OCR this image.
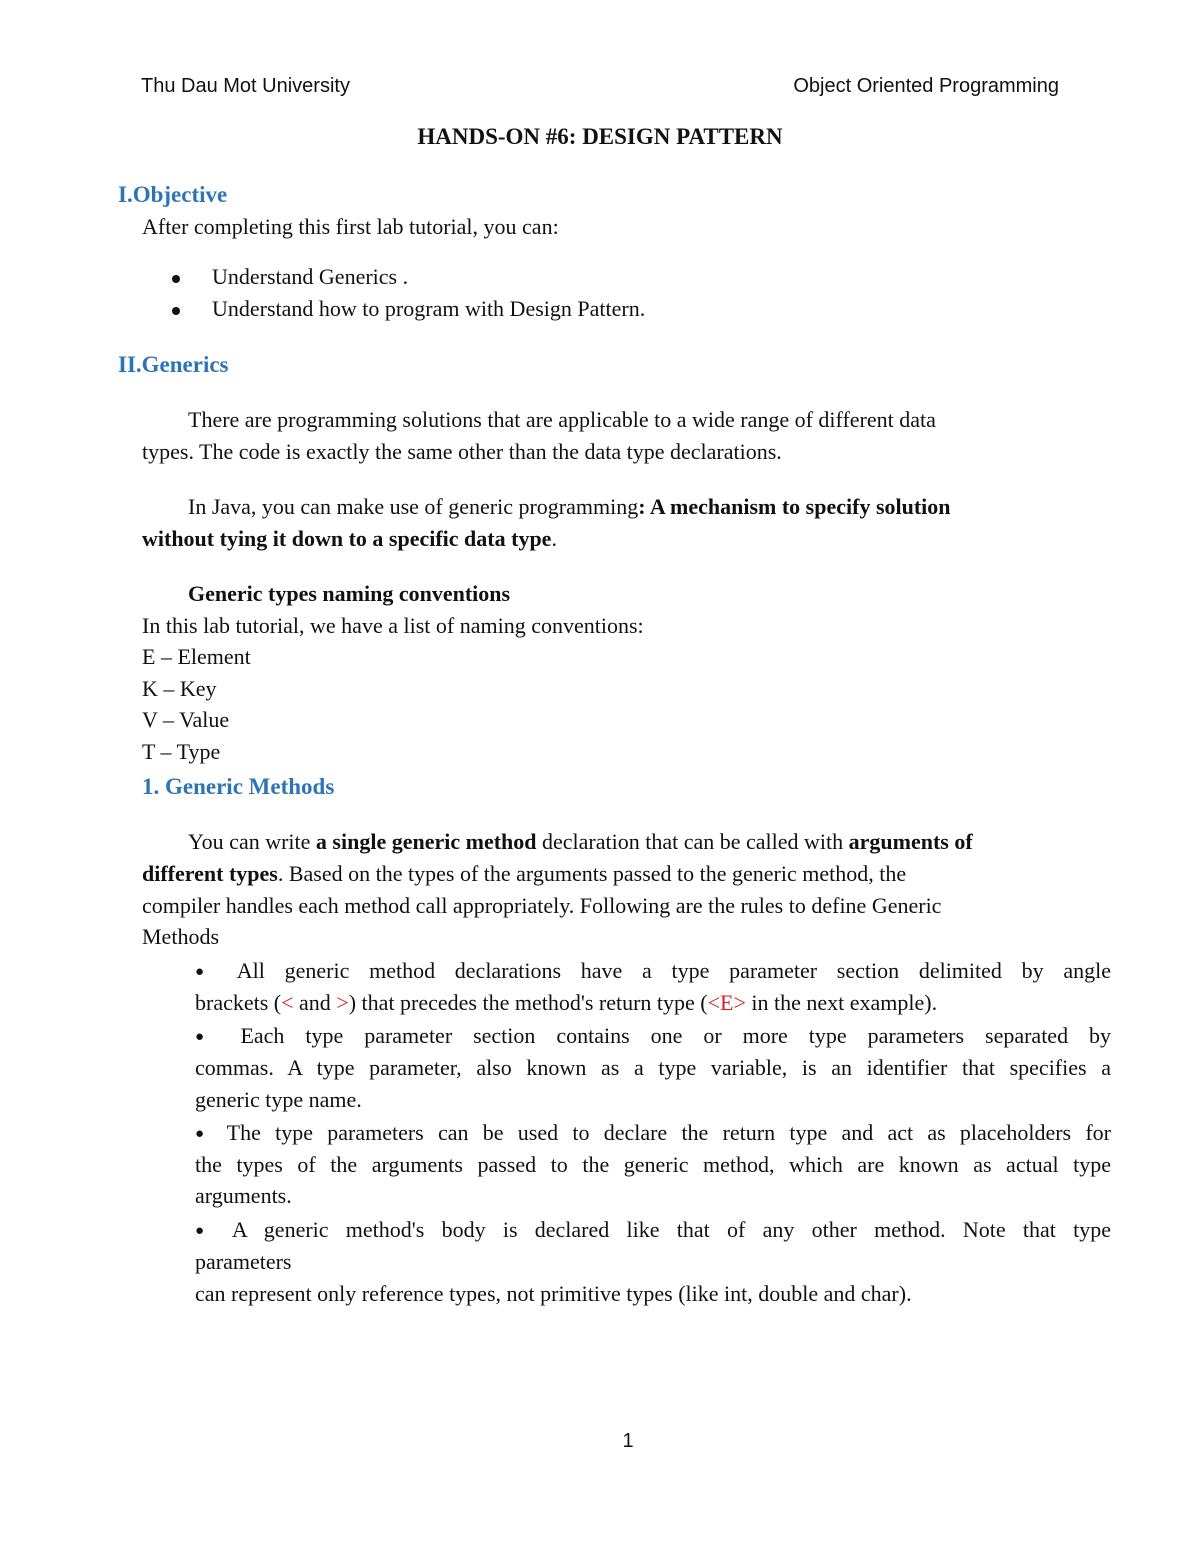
Thu Dau Mot University	Object Oriented Programming
HANDS-ON #6: DESIGN PATTERN
I.Objective
After completing this first lab tutorial, you can:
Understand Generics .
Understand how to program with Design Pattern.
II.Generics
There are programming solutions that are applicable to a wide range of different data
types. The code is exactly the same other than the data type declarations.
In Java, you can make use of generic programming: A mechanism to specify solution
without tying it down to a specific data type.
Generic types naming conventions
In this lab tutorial, we have a list of naming conventions:
E – Element
K – Key
V – Value
T – Type
1. Generic Methods
You can write a single generic method declaration that can be called with arguments of
different types. Based on the types of the arguments passed to the generic method, the
compiler handles each method call appropriately. Following are the rules to define Generic
Methods
● All generic method declarations have a type parameter section delimited by angle
brackets (< and >) that precedes the method's return type (<E> in the next example).
● Each type parameter section contains one or more type parameters separated by
commas. A type parameter, also known as a type variable, is an identifier that specifies a
generic type name.
● The type parameters can be used to declare the return type and act as placeholders for
the types of the arguments passed to the generic method, which are known as actual type
arguments.
● A generic method's body is declared like that of any other method. Note that type
parameters
can represent only reference types, not primitive types (like int, double and char).
1
